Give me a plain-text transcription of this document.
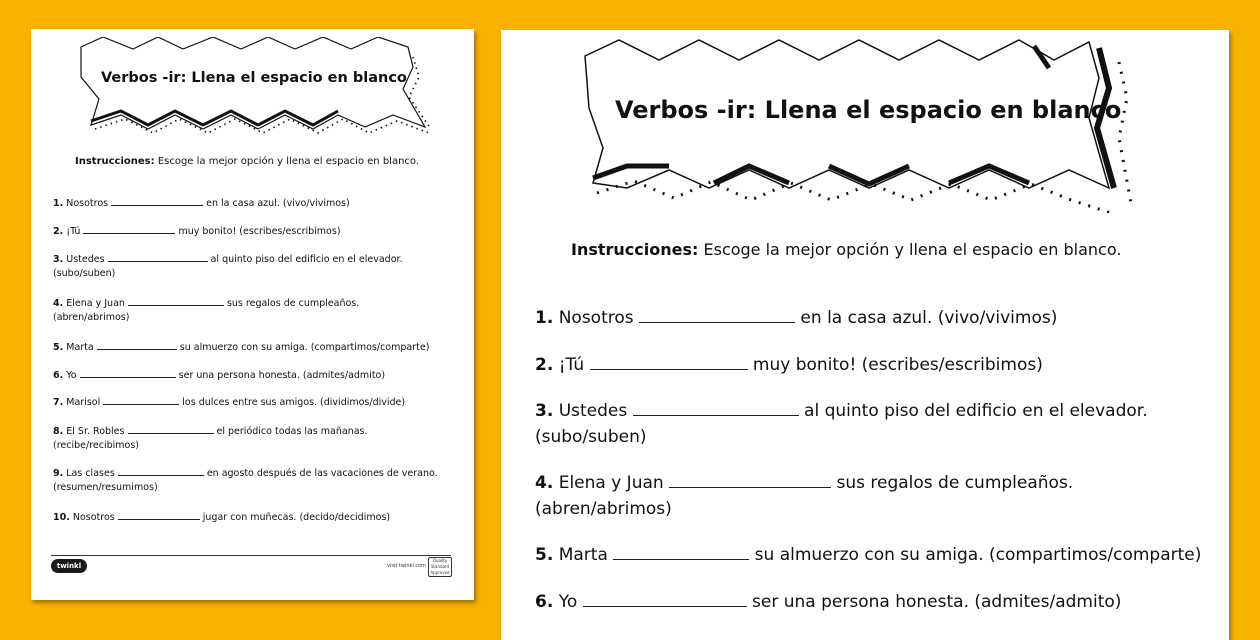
Verbos -ir: Llena el espacio en blanco
Instrucciones: Escoge la mejor opción y llena el espacio en blanco.
1. Nosotros	en la casa azul. (vivo/vivimos)
2. ¡Tú	muy bonito! (escribes/escribimos)
3. Ustedes	al quinto piso del edificio en el elevador.
(subo/suben)
4. Elena y Juan	sus regalos de cumpleaños.
(abren/abrimos)
5. Marta	su almuerzo con su amiga. (compartimos/comparte)
6. Yo	ser una persona honesta. (admites/admito)
7. Marisol	los dulces entre sus amigos. (dividimos/divide)
8. El Sr. Robles	el periódico todas las mañanas.
(recibe/recibimos)
9. Las clases	en agosto después de las vacaciones de verano.
(resumen/resumimos)
10. Nosotros	jugar con muñecas. (decido/decidimos)
twinkl	visit twinkl.com
Quality Standard Approved
Verbos -ir: Llena el espacio en blanco
Instrucciones: Escoge la mejor opción y llena el espacio en blanco.
1. Nosotros	en la casa azul. (vivo/vivimos)
2. ¡Tú	muy bonito! (escribes/escribimos)
3. Ustedes	al quinto piso del edificio en el elevador.
(subo/suben)
4. Elena y Juan	sus regalos de cumpleaños.
(abren/abrimos)
5. Marta	su almuerzo con su amiga. (compartimos/comparte)
6. Yo	ser una persona honesta. (admites/admito)
